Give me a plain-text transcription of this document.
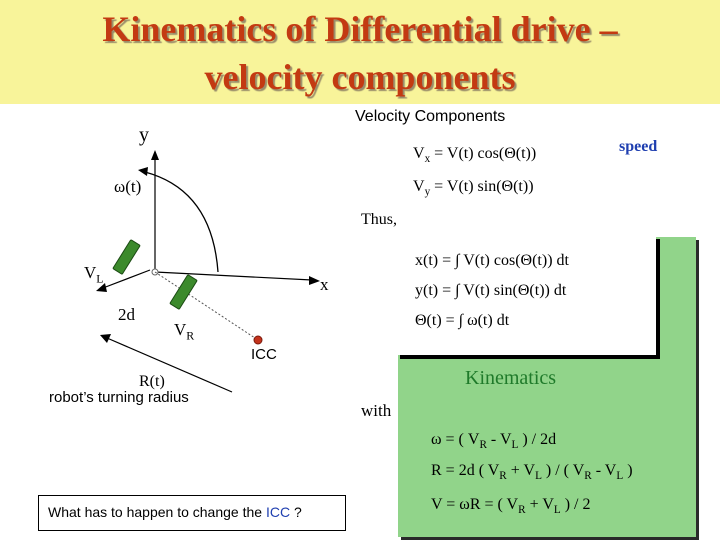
Kinematics of Differential drive –
velocity components
y
x
ω(t)
$V_L$
2d
$V_R$
ICC
R(t)
robot’s turning radius
Velocity Components
$V_x = V(t)$ cos(Θ(t))
$V_y = V(t)$ sin(Θ(t))
speed
Thus,
x(t) = ∫ V(t) cos(Θ(t)) dt
y(t) = ∫ V(t) sin(Θ(t)) dt
Θ(t) = ∫ ω(t) dt
Kinematics
with
ω = ( $V_R - V_L$ ) / 2d
R = 2d ( $V_R + V_L$ ) / ( $V_R - V_L$ )
V = ωR = ( $V_R + V_L$ ) / 2
What has to happen to change the ICC ?
